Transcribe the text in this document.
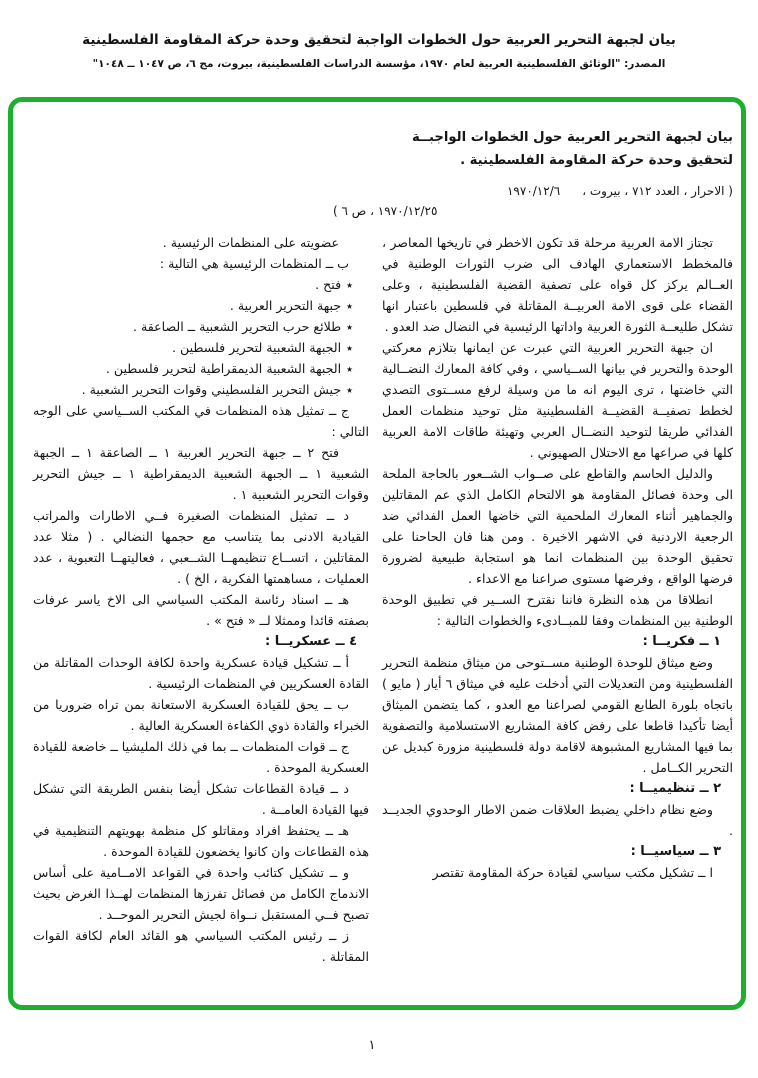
بيان لجبهة التحرير العربية حول الخطوات الواجبة لتحقيق وحدة حركة المقاومة الفلسطينية
المصدر: "الوثائق الفلسطينية العربية لعام ١٩٧٠، مؤسسة الدراسات الفلسطينية، بيروت، مج ٦، ص ١٠٤٧ ــ ١٠٤٨"
بيان لجبهة التحرير العربية حول الخطوات الواجبــة
لتحقيق وحدة حركة المقاومة الفلسطينية .
( الاحرار ، العدد ٧١٢ ، بيروت ،
١٩٧٠/١٢/٦
١٩٧٠/١٢/٢٥ ، ص ٦ )

تجتاز الامة العربية مرحلة قد تكون الاخطر في تاريخها المعاصر ، فالمخطط الاستعماري الهادف الى ضرب الثورات الوطنية في العــالم يركز كل قواه على تصفية القضية الفلسطينية ، وعلى القضاء على قوى الامة العربيــة المقاتلة في فلسطين باعتبار انها تشكل طليعــة الثورة العربية واداتها الرئيسية في النضال ضد العدو .

ان جبهة التحرير العربية التي عبرت عن ايمانها بتلازم معركتي الوحدة والتحرير في بيانها الســياسي ، وفي كافة المعارك النضــالية التي خاضتها ، ترى اليوم انه ما من وسيلة لرفع مســتوى التصدي لخطط تصفيــة القضيــة الفلسطينية مثل توحيد منظمات العمل الفدائي طريقا لتوحيد النضــال العربي وتهيئة طاقات الامة العربية كلها في صراعها مع الاحتلال الصهيوني .

والدليل الحاسم والقاطع على صــواب الشــعور بالحاجة الملحة الى وحدة فصائل المقاومة هو الالتحام الكامل الذي عم المقاتلين والجماهير أثناء المعارك الملحمية التي خاضها العمل الفدائي ضد الرجعية الاردنية في الاشهر الاخيرة . ومن هنا فان الحاحنا على تحقيق الوحدة بين المنظمات انما هو استجابة طبيعية لضرورة فرضها الواقع ، وفرضها مستوى صراعنا مع الاعداء .

انطلاقا من هذه النظرة فاننا نقترح الســير في تطبيق الوحدة الوطنية بين المنظمات وفقا للمبــادىء والخطوات التالية :

١ ــ فكريــا :

وضع ميثاق للوحدة الوطنية مســتوحى من ميثاق منظمة التحرير الفلسطينية ومن التعديلات التي أدخلت عليه في ميثاق ٦ أيار ( مايو ) باتجاه بلورة الطابع القومي لصراعنا مع العدو ، كما يتضمن الميثاق أيضا تأكيدا قاطعا على رفض كافة المشاريع الاستسلامية والتصفوية بما فيها المشاريع المشبوهة لاقامة دولة فلسطينية مزورة كبديل عن التحرير الكــامل .

٢ ــ تنظيميــا :

وضع نظام داخلي يضبط العلاقات ضمن الاطار الوحدوي الجديــد .

٣ ــ سياسيــا :

ا ــ تشكيل مكتب سياسي لقيادة حركة المقاومة تقتصر

عضويته على المنظمات الرئيسية .

ب ــ المنظمات الرئيسية هي التالية :

٭فتح .

٭جبهة التحرير العربية .

٭طلائع حرب التحرير الشعبية ــ الصاعقة .

٭الجبهة الشعبية لتحرير فلسطين .

٭الجبهة الشعبية الديمقراطية لتحرير فلسطين .

٭جيش التحرير الفلسطيني وقوات التحرير الشعبية .

ج ــ تمثيل هذه المنظمات في المكتب الســياسي على الوجه التالي :

فتح ٢ ــ جبهة التحرير العربية ١ ــ الصاعقة ١ ــ الجبهة الشعبية ١ ــ الجبهة الشعبية الديمقراطية ١ ــ جيش التحرير وقوات التحرير الشعبية ١ .

د ــ تمثيل المنظمات الصغيرة فــي الاطارات والمراتب القيادية الادنى بما يتناسب مع حجمها النضالي . ( مثلا عدد المقاتلين ، اتســاع تنظيمهــا الشــعبي ، فعاليتهــا التعبوية ، عدد العمليات ، مساهمتها الفكرية ، الخ ) .

هـ ــ اسناد رئاسة المكتب السياسي الى الاخ ياسر عرفات بصفته قائدا وممثلا لــ « فتح » .

٤ ــ عسكريــا :

أ ــ تشكيل قيادة عسكرية واحدة لكافة الوحدات المقاتلة من القادة العسكريين في المنظمات الرئيسية .

ب ــ يحق للقيادة العسكرية الاستعانة بمن تراه ضروريا من الخبراء والقادة ذوي الكفاءة العسكرية العالية .

ج ــ قوات المنظمات ــ بما في ذلك المليشيا ــ خاضعة للقيادة العسكرية الموحدة .

د ــ قيادة القطاعات تشكل أيضا بنفس الطريقة التي تشكل فيها القيادة العامــة .

هـ ــ يحتفظ افراد ومقاتلو كل منظمة بهويتهم التنظيمية في هذه القطاعات وان كانوا يخضعون للقيادة الموحدة .

و ــ تشكيل كتائب واحدة في القواعد الامــامية على أساس الاندماج الكامل من فصائل تفرزها المنظمات لهــذا الغرض بحيث تصبح فــي المستقبل نــواة لجيش التحرير الموحــد .

ز ــ رئيس المكتب السياسي هو القائد العام لكافة القوات المقاتلة .

١
